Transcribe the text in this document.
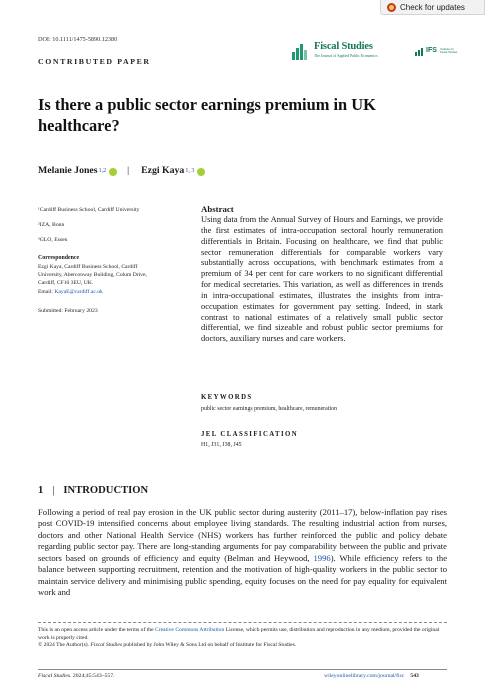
Check for updates
DOI: 10.1111/1475-5890.12380
CONTRIBUTED PAPER
Fiscal Studies
The Journal of Applied Public Economics
IFS Institute for Fiscal Studies
Is there a public sector earnings premium in UK healthcare?
Melanie Jones 1,2 | Ezgi Kaya 1, 3
¹Cardiff Business School, Cardiff University
²IZA, Bonn
³GLO, Essen
Correspondence
Ezgi Kaya, Cardiff Business School, Cardiff
University, Aberconway Building, Colum Drive,
Cardiff, CF10 3EU, UK.
Email: KayaE@cardiff.ac.uk
Submitted: February 2023
Abstract

Using data from the Annual Survey of Hours and Earnings, we provide the first estimates of intra-occupation sectoral hourly remuneration differentials in Britain. Focusing on healthcare, we find that public sector remuneration differentials for comparable workers vary substantially across occupations, with benchmark estimates from a premium of 34 per cent for care workers to no significant differential for medical secretaries. This variation, as well as differences in trends in intra-occupational estimates, illustrates the insights from intra-occupation estimates for government pay setting. Indeed, in stark contrast to national estimates of a relatively small public sector differential, we find sizeable and robust public sector premiums for doctors, auxiliary nurses and care workers.

KEYWORDS
public sector earnings premium, healthcare, remuneration
JEL CLASSIFICATION
H1, J31, J38, J45
1 | INTRODUCTION

Following a period of real pay erosion in the UK public sector during austerity (2011–17), below-inflation pay rises post COVID-19 intensified concerns about employee living standards. The resulting industrial action from nurses, doctors and other National Health Service (NHS) workers has further reinforced the public and policy debate regarding public sector pay. There are long-standing arguments for pay comparability between the public and private sectors based on grounds of efficiency and equity (Belman and Heywood, 1996). While efficiency refers to the balance between supporting recruitment, retention and the motivation of high-quality workers in the public sector to maintain service delivery and minimising public spending, equity focuses on the need for pay equality for equivalent work and

This is an open access article under the terms of the Creative Commons Attribution License, which permits use, distribution and reproduction in any medium, provided the original work is properly cited.
© 2024 The Author(s). Fiscal Studies published by John Wiley & Sons Ltd on behalf of Institute for Fiscal Studies.
Fiscal Studies. 2024;45:543–557.	wileyonlinelibrary.com/journal/fisc 543
